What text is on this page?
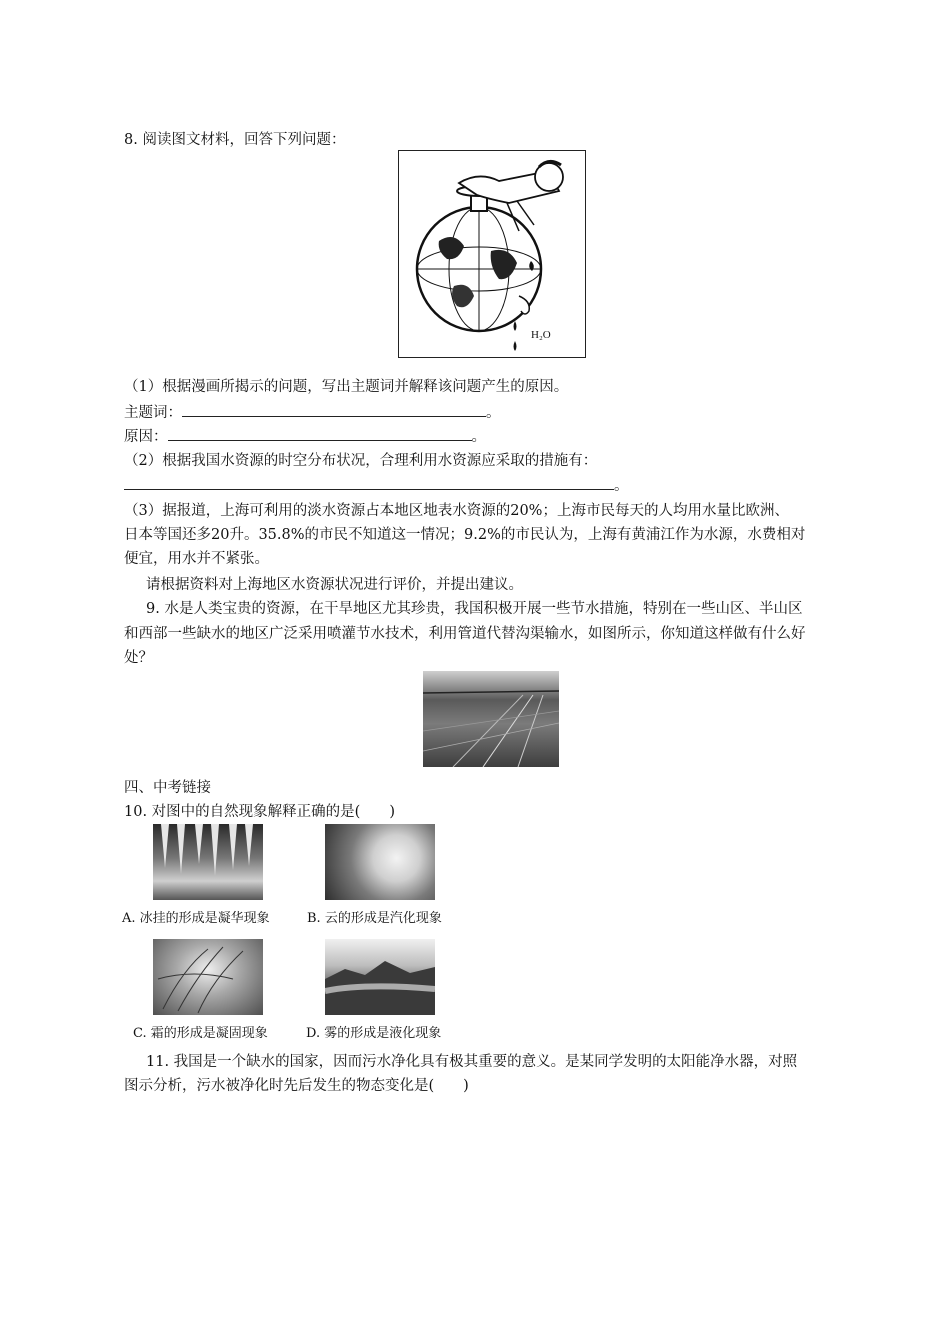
8. 阅读图文材料，回答下列问题：
H₂O
（1）根据漫画所揭示的问题，写出主题词并解释该问题产生的原因。
主题词：	。
原因：	。
（2）根据我国水资源的时空分布状况，合理利用水资源应采取的措施有：
。
（3）据报道，上海可利用的淡水资源占本地区地表水资源的20%；上海市民每天的人均用水量比欧洲、
日本等国还多20升。35.8%的市民不知道这一情况；9.2%的市民认为，上海有黄浦江作为水源，水费相对
便宜，用水并不紧张。
请根据资料对上海地区水资源状况进行评价，并提出建议。
9. 水是人类宝贵的资源，在干旱地区尤其珍贵，我国积极开展一些节水措施，特别在一些山区、半山区
和西部一些缺水的地区广泛采用喷灌节水技术，利用管道代替沟渠输水，如图所示，你知道这样做有什么好
处？
四、中考链接
10. 对图中的自然现象解释正确的是(　　)
A. 冰挂的形成是凝华现象	B. 云的形成是汽化现象
C. 霜的形成是凝固现象	D. 雾的形成是液化现象
11. 我国是一个缺水的国家，因而污水净化具有极其重要的意义。是某同学发明的太阳能净水器，对照
图示分析，污水被净化时先后发生的物态变化是(　　)
